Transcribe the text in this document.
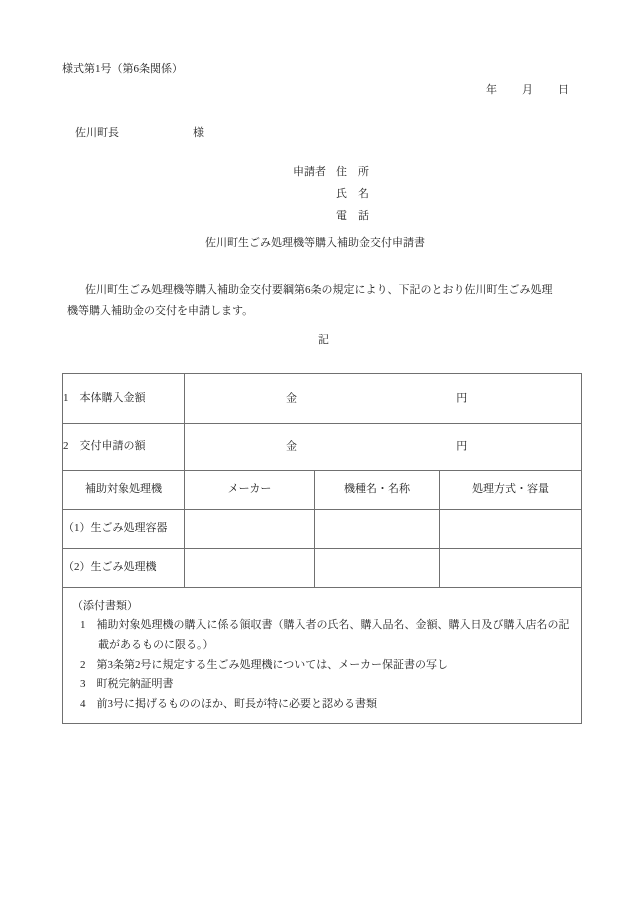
様式第1号（第6条関係）
年　　月　　日
佐川町長	様
申請者 住　所
氏　名
電　話
佐川町生ごみ処理機等購入補助金交付申請書
佐川町生ごみ処理機等購入補助金交付要綱第6条の規定により、下記のとおり佐川町生ごみ処理
機等購入補助金の交付を申請します。
記
1　本体購入金額	金 円		

2　交付申請の額	金 円		

補助対象処理機	メーカー	機種名・名称	処理方式・容量
（1）生ごみ処理容器			
（2）生ごみ処理機			

（添付書類）
1　補助対象処理機の購入に係る領収書（購入者の氏名、購入品名、金額、購入日及び購入店名の記
載があるものに限る。）
2　第3条第2号に規定する生ごみ処理機については、メーカー保証書の写し
3　町税完納証明書
4　前3号に掲げるもののほか、町長が特に必要と認める書類
